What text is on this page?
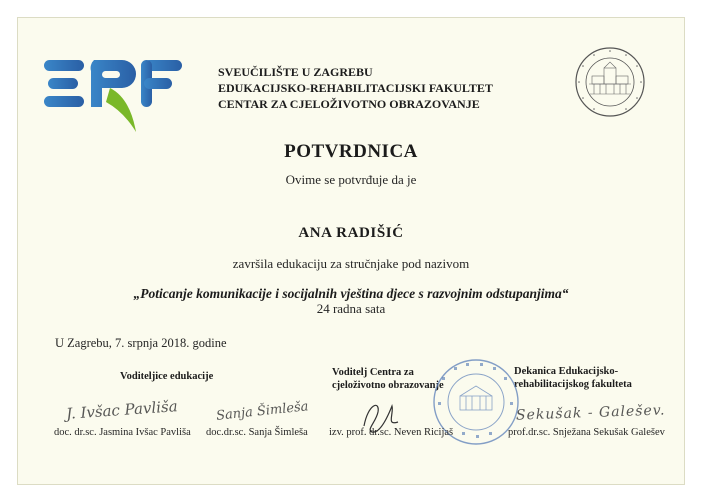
SVEUČILIŠTE U ZAGREBU
EDUKACIJSKO-REHABILITACIJSKI FAKULTET
CENTAR ZA CJELOŽIVOTNO OBRAZOVANJE
POTVRDNICA
Ovime se potvrđuje da je
ANA RADIŠIĆ
završila edukaciju za stručnjake pod nazivom
„Poticanje komunikacije i socijalnih vještina djece s razvojnim odstupanjima“
24 radna sata
U Zagrebu, 7. srpnja 2018. godine
Voditeljice edukacije	Voditelj Centra za
cjeloživotno obrazovanje
Dekanica Edukacijsko-
rehabilitacijskog fakulteta
J. Ivšac Pavliša	Sanja Šimleša	Sekušak - Galešev.
doc. dr.sc. Jasmina Ivšac Pavliša doc.dr.sc. Sanja Šimleša izv. prof. dr.sc. Neven Ricijaš	prof.dr.sc. Snježana Sekušak Galešev
